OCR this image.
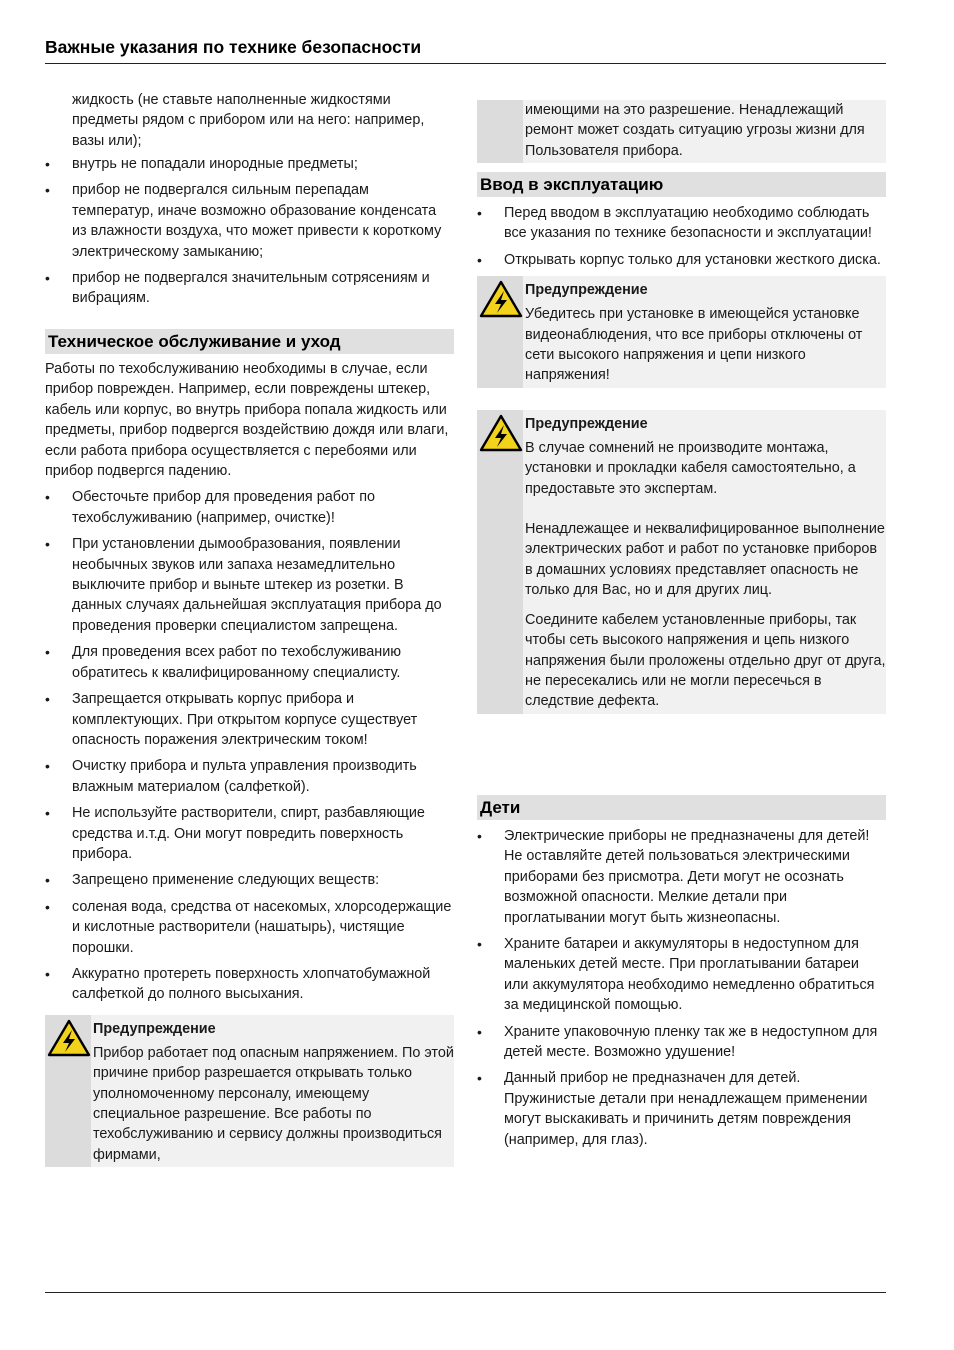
Важные указания по технике безопасности

жидкость (не ставьте наполненные жидкостями предметы рядом с прибором или на него: например, вазы или);

• внутрь не попадали инородные предметы;
• прибор не подвергался сильным перепадам температур, иначе возможно образование конденсата из влажности воздуха, что может привести к короткому электрическому замыканию;
• прибор не подвергался значительным сотрясениям и вибрациям.
Техническое обслуживание и уход

Работы по техобслуживанию необходимы в случае, если прибор поврежден. Например, если повреждены штекер, кабель или корпус, во внутрь прибора попала жидкость или предметы, прибор подвергся воздействию дождя или влаги, если работа прибора осуществляется с перебоями или прибор подвергся падению.

• Обесточьте прибор для проведения работ по техобслуживанию (например, очистке)!
• При установлении дымообразования, появлении необычных звуков или запаха незамедлительно выключите прибор и выньте штекер из розетки. В данных случаях дальнейшая эксплуатация прибора до проведения проверки специалистом запрещена.
• Для проведения всех работ по техобслуживанию обратитесь к квалифицированному специалисту.
• Запрещается открывать корпус прибора и комплектующих. При открытом корпусе существует опасность поражения электрическим током!
• Очистку прибора и пульта управления производить влажным материалом (салфеткой).
• Не используйте растворители, спирт, разбавляющие средства и.т.д. Они могут повредить поверхность прибора.
• Запрещено применение следующих веществ:
• соленая вода, средства от насекомых, хлорсодержащие и кислотные растворители (нашатырь), чистящие порошки.
• Аккуратно протереть поверхность хлопчатобумажной салфеткой до полного высыхания.
Предупреждение

Прибор работает под опасным напряжением. По этой причине прибор разрешается открывать только уполномоченному персоналу, имеющему специальное разрешение. Все работы по техобслуживанию и сервису должны производиться фирмами,

имеющими на это разрешение. Ненадлежащий ремонт может создать ситуацию угрозы жизни для Пользователя прибора.

Ввод в эксплуатацию
• Перед вводом в эксплуатацию необходимо соблюдать все указания по технике безопасности и эксплуатации!
• Открывать корпус только для установки жесткого диска.
Предупреждение

Убедитесь при установке в имеющейся установке видеонаблюдения, что все приборы отключены от сети высокого напряжения и цепи низкого напряжения!

Предупреждение

В случае сомнений не производите монтажа, установки и прокладки кабеля самостоятельно, а предоставьте это экспертам.

Ненадлежащее и неквалифицированное выполнение электрических работ и работ по установке приборов в домашних условиях представляет опасность не только для Вас, но и для других лиц.

Соедините кабелем установленные приборы, так чтобы сеть высокого напряжения и цепь низкого напряжения были проложены отдельно друг от друга, не пересекались или не могли пересечься в следствие дефекта.

Дети
• Электрические приборы не предназначены для детей! Не оставляйте детей пользоваться электрическими приборами без присмотра. Дети могут не осознать возможной опасности. Мелкие детали при проглатывании могут быть жизнеопасны.
• Храните батареи и аккумуляторы в недоступном для маленьких детей месте. При проглатывании батареи или аккумулятора необходимо немедленно обратиться за медицинской помощью.
• Храните упаковочную пленку так же в недоступном для детей месте. Возможно удушение!
• Данный прибор не предназначен для детей. Пружинистые детали при ненадлежащем применении могут выскакивать и причинить детям повреждения (например, для глаз).
